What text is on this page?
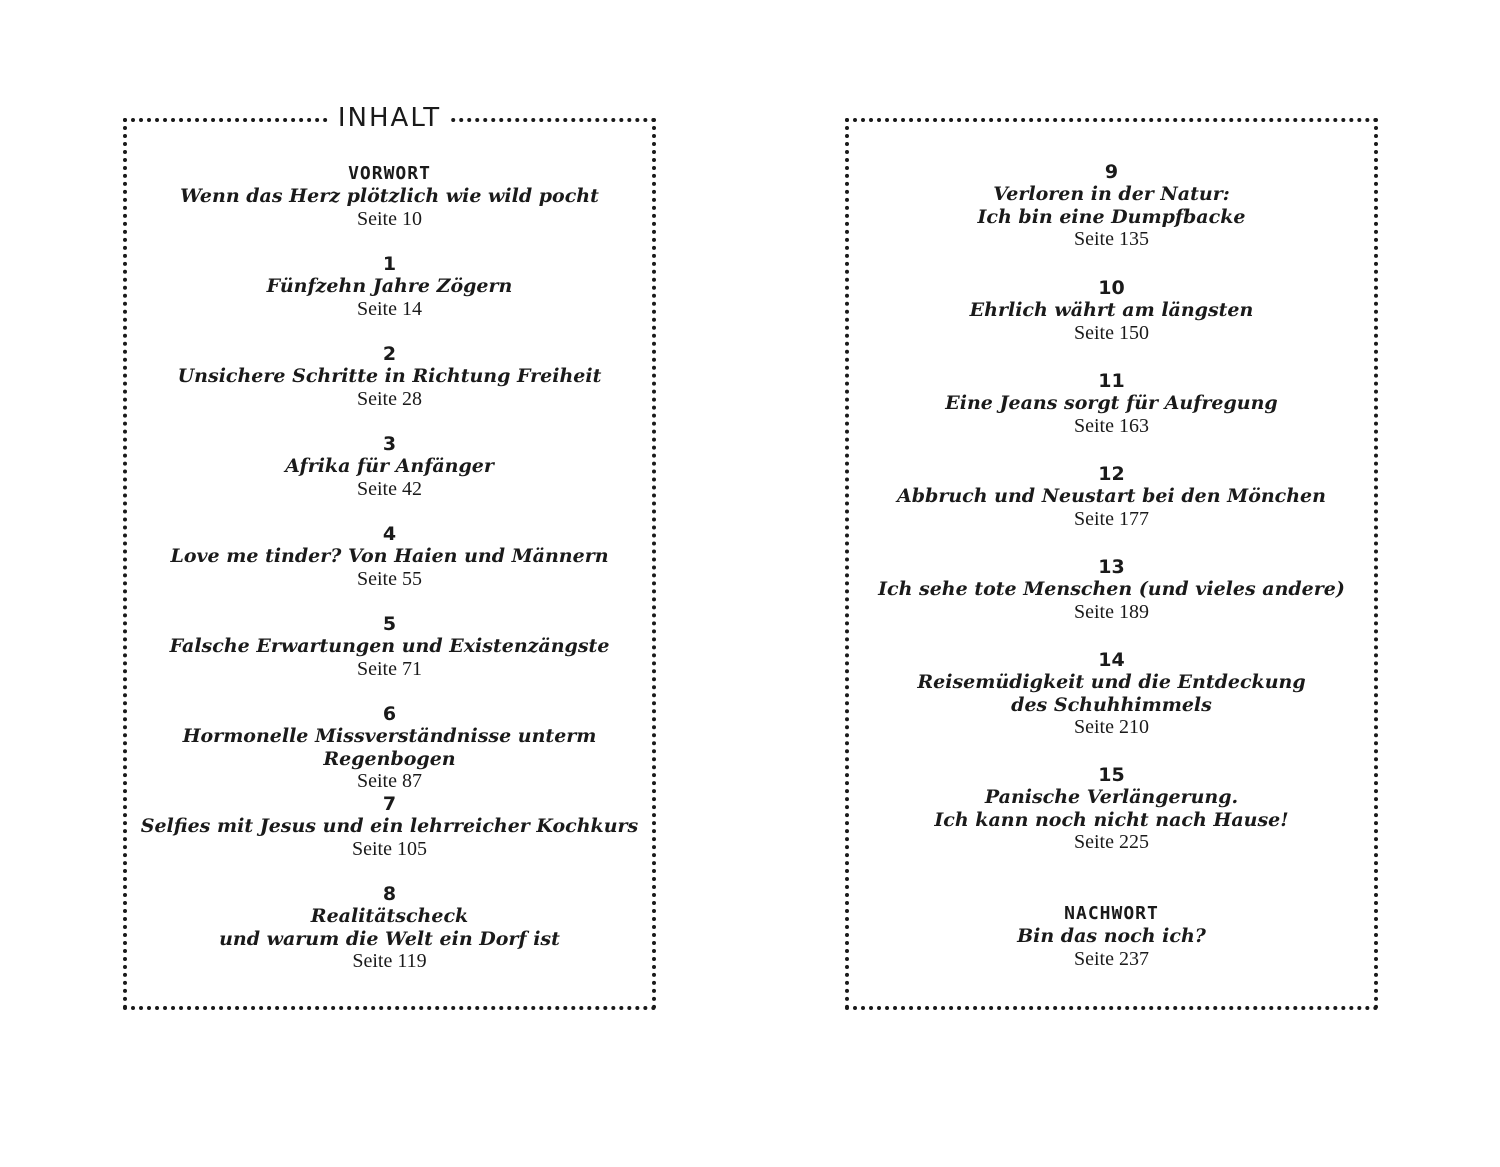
INHALT
VORWORT
Wenn das Herz plötzlich wie wild pocht
Seite 10
1
Fünfzehn Jahre Zögern
Seite 14
2
Unsichere Schritte in Richtung Freiheit
Seite 28
3
Afrika für Anfänger
Seite 42
4
Love me tinder? Von Haien und Männern
Seite 55
5
Falsche Erwartungen und Existenzängste
Seite 71
6
Hormonelle Missverständnisse unterm Regenbogen
Seite 87
7
Selfies mit Jesus und ein lehrreicher Kochkurs
Seite 105
8
Realitätscheck
und warum die Welt ein Dorf ist
Seite 119
9
Verloren in der Natur:
Ich bin eine Dumpfbacke
Seite 135
10
Ehrlich währt am längsten
Seite 150
11
Eine Jeans sorgt für Aufregung
Seite 163
12
Abbruch und Neustart bei den Mönchen
Seite 177
13
Ich sehe tote Menschen (und vieles andere)
Seite 189
14
Reisemüdigkeit und die Entdeckung
des Schuhhimmels
Seite 210
15
Panische Verlängerung.
Ich kann noch nicht nach Hause!
Seite 225
NACHWORT
Bin das noch ich?
Seite 237
